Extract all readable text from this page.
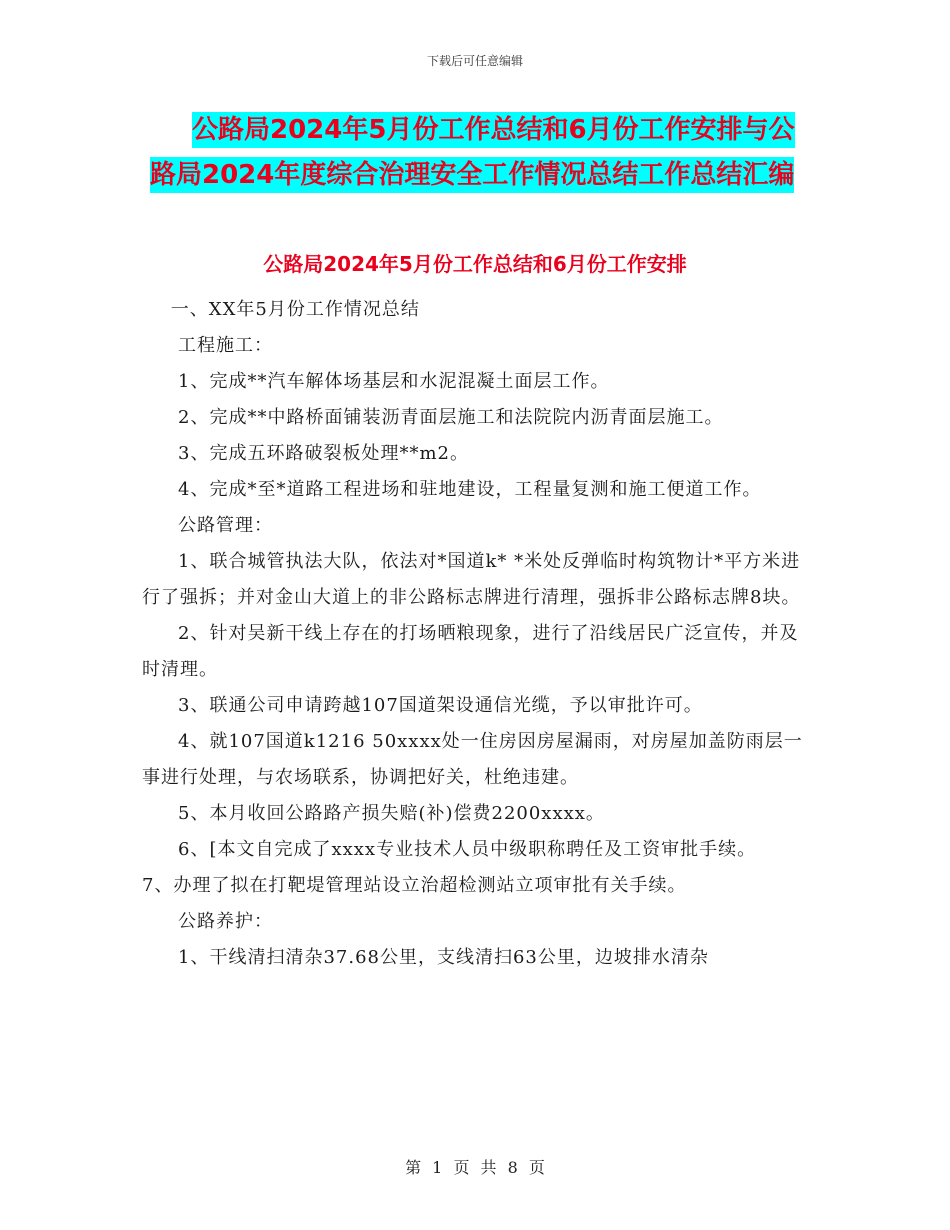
下载后可任意编辑
公路局2024年5月份工作总结和6月份工作安排与公
路局2024年度综合治理安全工作情况总结工作总结汇编
公路局2024年5月份工作总结和6月份工作安排

一、XX年5月份工作情况总结

工程施工：

1、完成**汽车解体场基层和水泥混凝土面层工作。

2、完成**中路桥面铺装沥青面层施工和法院院内沥青面层施工。

3、完成五环路破裂板处理**m2。

4、完成*至*道路工程进场和驻地建设，工程量复测和施工便道工作。

公路管理：

1、联合城管执法大队，依法对*国道k* *米处反弹临时构筑物计*平方米进行了强拆；并对金山大道上的非公路标志牌进行清理，强拆非公路标志牌8块。

2、针对吴新干线上存在的打场晒粮现象，进行了沿线居民广泛宣传，并及时清理。

3、联通公司申请跨越107国道架设通信光缆，予以审批许可。

4、就107国道k1216 50xxxx处一住房因房屋漏雨，对房屋加盖防雨层一事进行处理，与农场联系，协调把好关，杜绝违建。

5、本月收回公路路产损失赔(补)偿费2200xxxx。

6、[本文自完成了xxxx专业技术人员中级职称聘任及工资审批手续。　　7、办理了拟在打靶堤管理站设立治超检测站立项审批有关手续。

公路养护：

1、干线清扫清杂37.68公里，支线清扫63公里，边坡排水清杂

第 1 页 共 8 页
